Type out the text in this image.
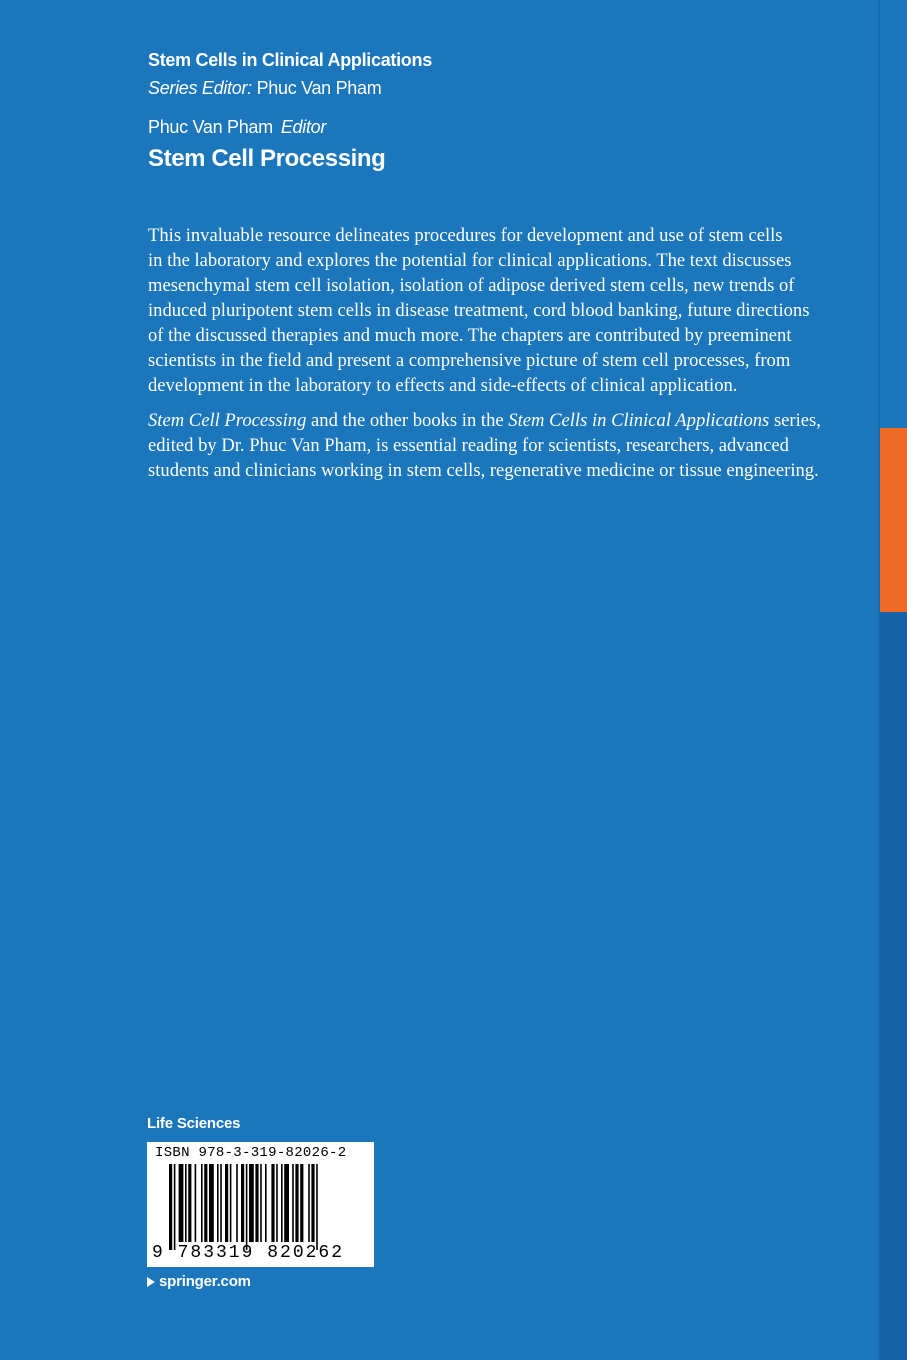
Stem Cells in Clinical Applications
Series Editor: Phuc Van Pham
Phuc Van Pham Editor
Stem Cell Processing
This invaluable resource delineates procedures for development and use of stem cells
in the laboratory and explores the potential for clinical applications. The text discusses
mesenchymal stem cell isolation, isolation of adipose derived stem cells, new trends of
induced pluripotent stem cells in disease treatment, cord blood banking, future directions
of the discussed therapies and much more. The chapters are contributed by preeminent
scientists in the field and present a comprehensive picture of stem cell processes, from
development in the laboratory to effects and side-effects of clinical application.
Stem Cell Processing and the other books in the Stem Cells in Clinical Applications series,
edited by Dr. Phuc Van Pham, is essential reading for scientists, researchers, advanced
students and clinicians working in stem cells, regenerative medicine or tissue engineering.
Life Sciences
ISBN 978-3-319-82026-2
9 783319 820262
springer.com
